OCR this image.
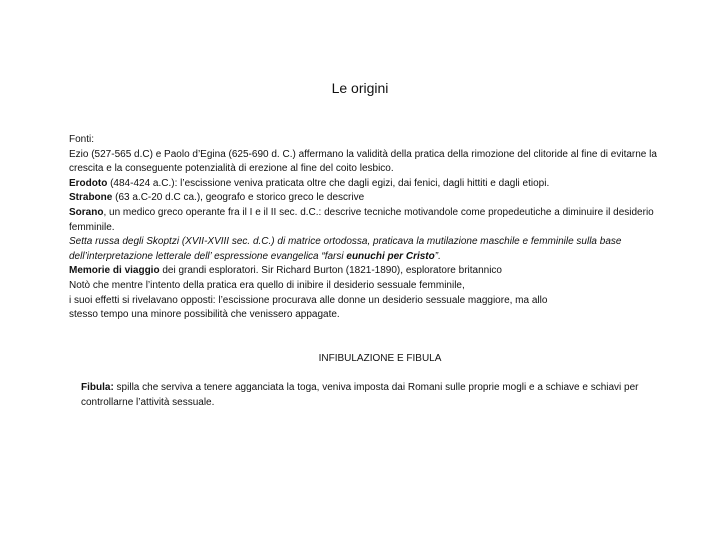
Le origini
Fonti:
Ezio (527-565 d.C) e Paolo d’Egina (625-690 d. C.) affermano la validità della pratica della rimozione del clitoride al fine di evitarne la crescita e la conseguente potenzialità di erezione al fine del coito lesbico.
Erodoto (484-424 a.C.): l’escissione veniva praticata oltre che dagli egizi, dai fenici, dagli hittiti e dagli etiopi.
Strabone (63 a.C-20 d.C ca.), geografo e storico greco le descrive
Sorano, un medico greco operante fra il I e il II sec. d.C.: descrive tecniche motivandole come propedeutiche a diminuire il desiderio femminile.
Setta russa degli Skoptzi (XVII-XVIII sec. d.C.) di matrice ortodossa, praticava la mutilazione maschile e femminile sulla base dell’interpretazione letterale dell’ espressione evangelica “farsi eunuchi per Cristo”.
Memorie di viaggio dei grandi esploratori. Sir Richard Burton (1821-1890), esploratore britannico
Notò che mentre l’intento della pratica era quello di inibire il desiderio sessuale femminile,
i suoi effetti si rivelavano opposti: l’escissione procurava alle donne un desiderio sessuale maggiore, ma allo
stesso tempo una minore possibilità che venissero appagate.
INFIBULAZIONE E FIBULA
Fibula: spilla che serviva a tenere agganciata la toga, veniva imposta dai Romani sulle proprie mogli e a schiave e schiavi per controllarne l’attività sessuale.
